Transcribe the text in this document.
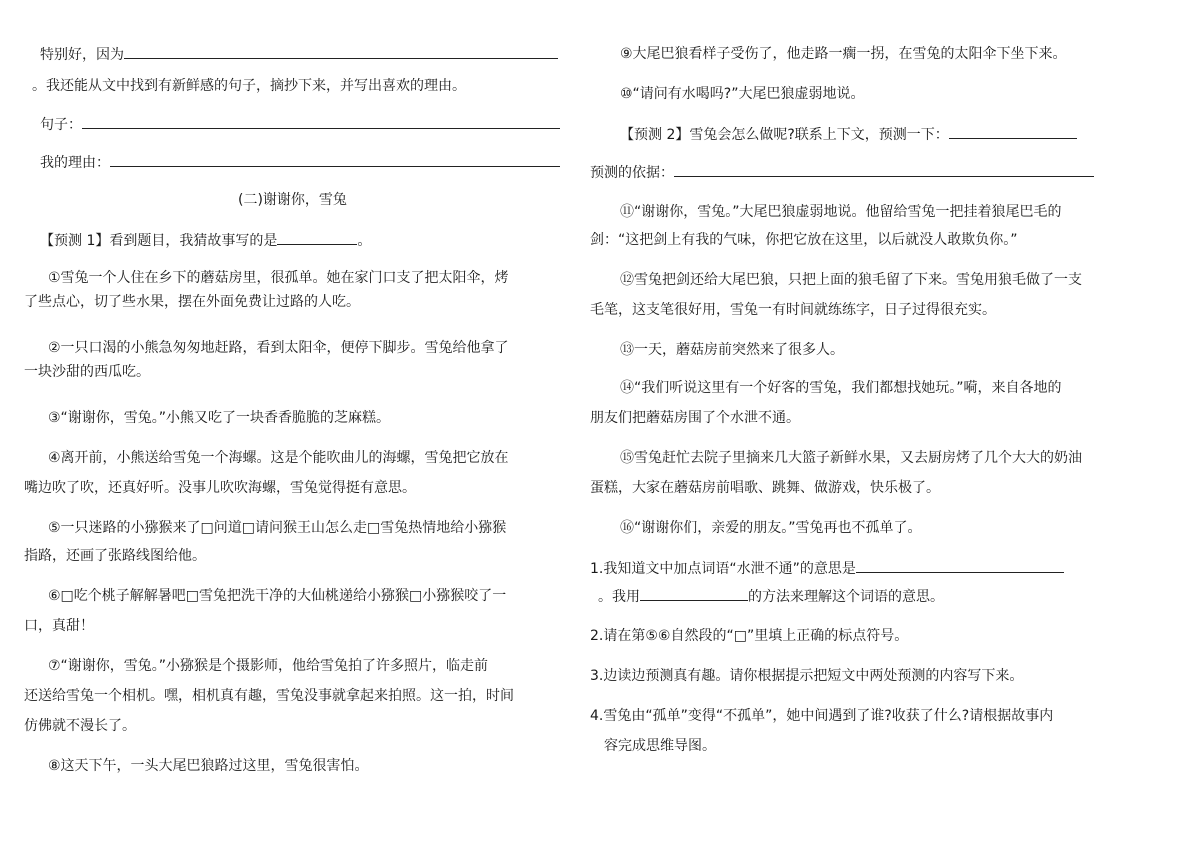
特别好，因为
。我还能从文中找到有新鲜感的句子，摘抄下来，并写出喜欢的理由。
句子：
我的理由：
(二)谢谢你，雪兔
【预测 1】看到题目，我猜故事写的是	。
①雪兔一个人住在乡下的蘑菇房里，很孤单。她在家门口支了把太阳伞，烤
了些点心，切了些水果，摆在外面免费让过路的人吃。
②一只口渴的小熊急匆匆地赶路，看到太阳伞，便停下脚步。雪兔给他拿了
一块沙甜的西瓜吃。
③“谢谢你，雪兔。”小熊又吃了一块香香脆脆的芝麻糕。
④离开前，小熊送给雪兔一个海螺。这是个能吹曲儿的海螺，雪兔把它放在
嘴边吹了吹，还真好听。没事儿吹吹海螺，雪兔觉得挺有意思。
⑤一只迷路的小猕猴来了□问道□请问猴王山怎么走□雪兔热情地给小猕猴
指路，还画了张路线图给他。
⑥□吃个桃子解解暑吧□雪兔把洗干净的大仙桃递给小猕猴□小猕猴咬了一
口，真甜！
⑦“谢谢你，雪兔。”小猕猴是个摄影师，他给雪兔拍了许多照片，临走前
还送给雪兔一个相机。嘿，相机真有趣，雪兔没事就拿起来拍照。这一拍，时间
仿佛就不漫长了。
⑧这天下午，一头大尾巴狼路过这里，雪兔很害怕。
⑨大尾巴狼看样子受伤了，他走路一瘸一拐，在雪兔的太阳伞下坐下来。
⑩“请问有水喝吗?”大尾巴狼虚弱地说。
【预测 2】雪兔会怎么做呢?联系上下文，预测一下：
预测的依据：
⑪“谢谢你，雪兔。”大尾巴狼虚弱地说。他留给雪兔一把挂着狼尾巴毛的
剑：“这把剑上有我的气味，你把它放在这里，以后就没人敢欺负你。”
⑫雪兔把剑还给大尾巴狼，只把上面的狼毛留了下来。雪兔用狼毛做了一支
毛笔，这支笔很好用，雪兔一有时间就练练字，日子过得很充实。
⑬一天，蘑菇房前突然来了很多人。
⑭“我们听说这里有一个好客的雪兔，我们都想找她玩。”嗬，来自各地的
朋友们把蘑菇房围了个水泄不通。
⑮雪兔赶忙去院子里摘来几大篮子新鲜水果，又去厨房烤了几个大大的奶油
蛋糕，大家在蘑菇房前唱歌、跳舞、做游戏，快乐极了。
⑯“谢谢你们，亲爱的朋友。”雪兔再也不孤单了。
1.我知道文中加点词语“水泄不通”的意思是
。我用	的方法来理解这个词语的意思。
2.请在第⑤⑥自然段的“□”里填上正确的标点符号。
3.边读边预测真有趣。请你根据提示把短文中两处预测的内容写下来。
4.雪兔由“孤单”变得“不孤单”，她中间遇到了谁?收获了什么?请根据故事内
容完成思维导图。
